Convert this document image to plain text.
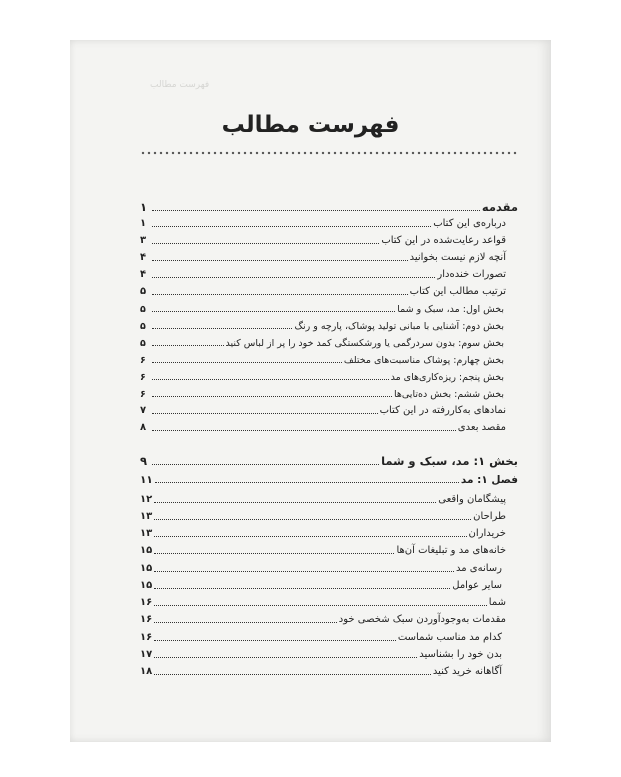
فهرست مطالب
فهرست مطالب
مقدمه
۱
درباره‌ی این کتاب
۱
قواعد رعایت‌شده در این کتاب
۳
آنچه لازم نیست بخوانید
۴
تصورات خنده‌دار
۴
ترتیب مطالب این کتاب
۵
بخش اول: مد، سبک و شما
۵
بخش دوم: آشنایی با مبانی تولید پوشاک، پارچه و رنگ
۵
بخش سوم: بدون سردرگمی یا ورشکستگی کمد خود را پر از لباس کنید
۵
بخش چهارم: پوشاک مناسبت‌های مختلف
۶
بخش پنجم: ریزه‌کاری‌های مد
۶
بخش ششم: بخش ده‌تایی‌ها
۶
نمادهای به‌کاررفته در این کتاب
۷
مقصد بعدی
۸
بخش ۱: مد، سبک و شما
۹
فصل ۱: مد
۱۱
پیشگامان واقعی
۱۲
طراحان
۱۳
خریداران
۱۳
خانه‌های مد و تبلیغات آن‌ها
۱۵
رسانه‌ی مد
۱۵
سایر عوامل
۱۵
شما
۱۶
مقدمات به‌وجودآوردن سبک شخصی خود
۱۶
کدام مد مناسب شماست
۱۶
بدن خود را بشناسید
۱۷
آگاهانه خرید کنید
۱۸
